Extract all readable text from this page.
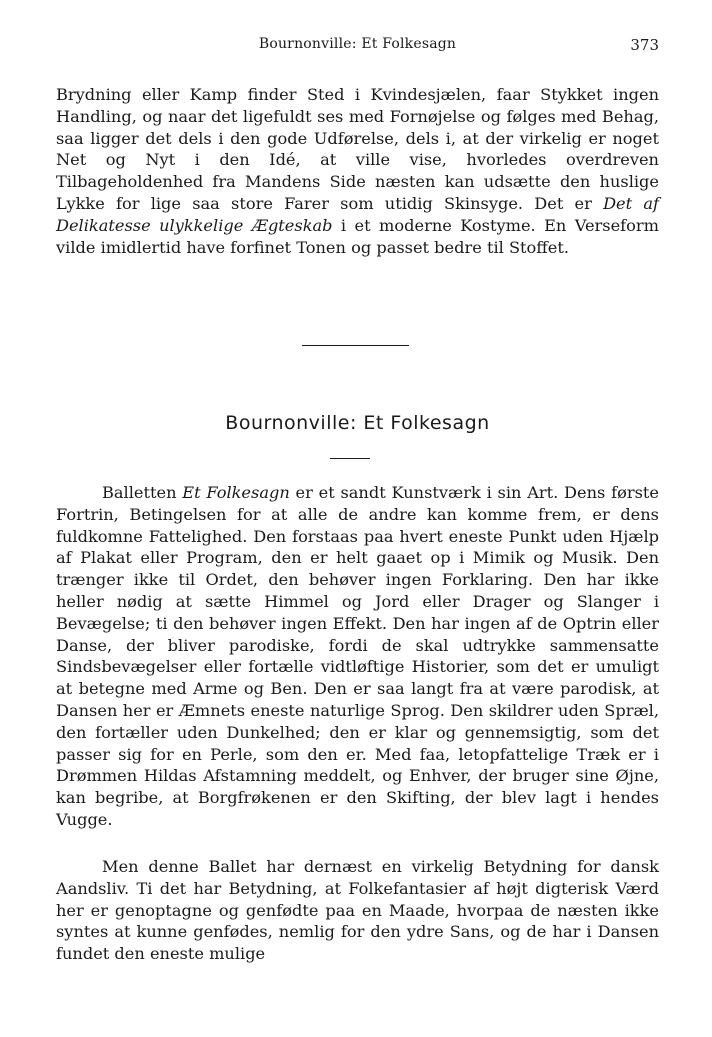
Bournonville: Et Folkesagn	373

Brydning eller Kamp finder Sted i Kvindesjælen, faar Stykket ingen Handling, og naar det ligefuldt ses med Fornøjelse og følges med Behag, saa ligger det dels i den gode Udførelse, dels i, at der virkelig er noget Net og Nyt i den Idé, at ville vise, hvorledes overdreven Tilbageholdenhed fra Mandens Side næsten kan udsætte den huslige Lykke for lige saa store Farer som utidig Skinsyge. Det er Det af Delikatesse ulykkelige Ægteskab i et moderne Kostyme. En Verseform vilde imidlertid have forfinet Tonen og passet bedre til Stoffet.

Bournonville: Et Folkesagn

Balletten Et Folkesagn er et sandt Kunstværk i sin Art. Dens første Fortrin, Betingelsen for at alle de andre kan komme frem, er dens fuldkomne Fattelighed. Den forstaas paa hvert eneste Punkt uden Hjælp af Plakat eller Program, den er helt gaaet op i Mimik og Musik. Den trænger ikke til Ordet, den behøver ingen Forklaring. Den har ikke heller nødig at sætte Himmel og Jord eller Drager og Slanger i Bevægelse; ti den behøver ingen Effekt. Den har ingen af de Optrin eller Danse, der bliver parodiske, fordi de skal udtrykke sammensatte Sindsbevægelser eller fortælle vidtløftige Historier, som det er umuligt at betegne med Arme og Ben. Den er saa langt fra at være parodisk, at Dansen her er Æmnets eneste naturlige Sprog. Den skildrer uden Spræl, den fortæller uden Dunkelhed; den er klar og gennemsigtig, som det passer sig for en Perle, som den er. Med faa, letopfattelige Træk er i Drømmen Hildas Afstamning meddelt, og Enhver, der bruger sine Øjne, kan begribe, at Borgfrøkenen er den Skifting, der blev lagt i hendes Vugge.

Men denne Ballet har dernæst en virkelig Betydning for dansk Aandsliv. Ti det har Betydning, at Folkefantasier af højt digterisk Værd her er genoptagne og genfødte paa en Maade, hvorpaa de næsten ikke syntes at kunne genfødes, nemlig for den ydre Sans, og de har i Dansen fundet den eneste mulige
